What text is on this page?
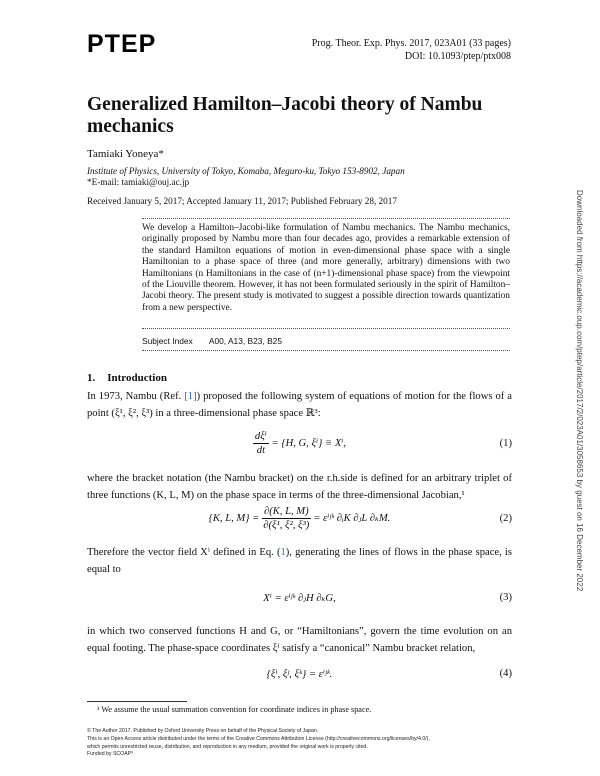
PTEP	Prog. Theor. Exp. Phys. 2017, 023A01 (33 pages)
DOI: 10.1093/ptep/ptx008
Generalized Hamilton–Jacobi theory of Nambu mechanics
Tamiaki Yoneya*
Institute of Physics, University of Tokyo, Komaba, Meguro-ku, Tokyo 153-8902, Japan
*E-mail: tamiaki@ouj.ac.jp
Received January 5, 2017; Accepted January 11, 2017; Published February 28, 2017
We develop a Hamilton–Jacobi-like formulation of Nambu mechanics. The Nambu mechanics, originally proposed by Nambu more than four decades ago, provides a remarkable extension of the standard Hamilton equations of motion in even-dimensional phase space with a single Hamiltonian to a phase space of three (and more generally, arbitrary) dimensions with two Hamiltonians (n Hamiltonians in the case of (n+1)-dimensional phase space) from the viewpoint of the Liouville theorem. However, it has not been formulated seriously in the spirit of Hamilton–Jacobi theory. The present study is motivated to suggest a possible direction towards quantization from a new perspective.
Subject Index A00, A13, B23, B25
1. Introduction
In 1973, Nambu (Ref. [1]) proposed the following system of equations of motion for the flows of a point (ξ¹, ξ², ξ³) in a three-dimensional phase space ℝ³:
$\frac{\text{dξⁱ}}{dt} = \{H$, G, ξⁱ} ≡ Xⁱ,	(1)
where the bracket notation (the Nambu bracket) on the r.h.side is defined for an arbitrary triplet of three functions (K, L, M) on the phase space in terms of the three-dimensional Jacobian,¹
{K, L, $M\} = \frac{\partial(K, L, M)}{\text{∂(ξ¹, ξ², ξ³)}}$ = εⁱʲᵏ ∂ᵢK ∂ⱼL ∂ₖM.	(2)
Therefore the vector field Xⁱ defined in Eq. (1), generating the lines of flows in the phase space, is equal to
Xⁱ = εⁱʲᵏ ∂ⱼH ∂ₖG,	(3)
in which two conserved functions H and G, or “Hamiltonians”, govern the time evolution on an equal footing. The phase-space coordinates ξⁱ satisfy a “canonical” Nambu bracket relation,
{ξⁱ, ξʲ, ξᵏ} = εⁱʲᵏ.	(4)
¹ We assume the usual summation convention for coordinate indices in phase space.
© The Author 2017. Published by Oxford University Press on behalf of the Physical Society of Japan.
This is an Open Access article distributed under the terms of the Creative Commons Attribution License (http://creativecommons.org/licenses/by/4.0/),
which permits unrestricted reuse, distribution, and reproduction in any medium, provided the original work is properly cited.
Funded by SCOAP³
Downloaded from https://academic.oup.com/ptep/article/2017/2/023A01/3058653 by guest on 16 December 2022
